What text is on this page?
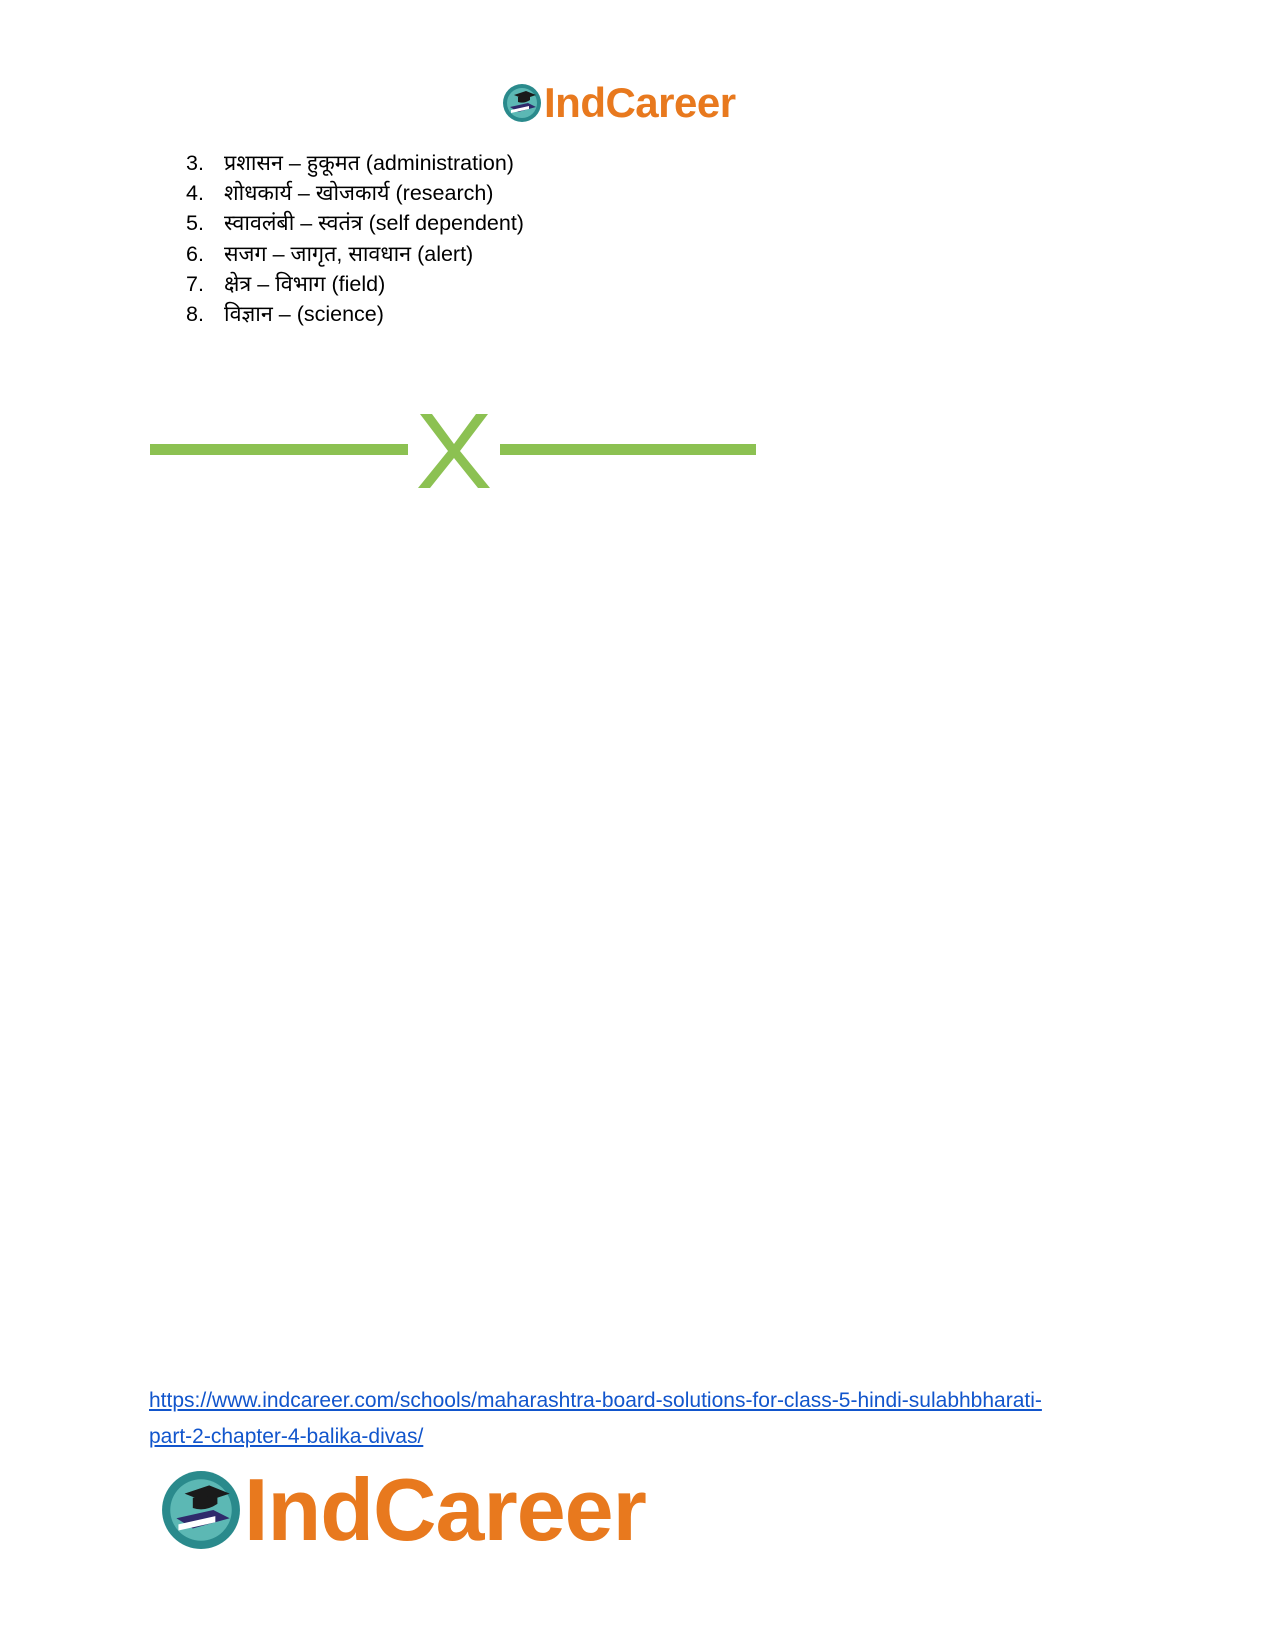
IndCareer
3. प्रशासन – हुकूमत (administration)
4. शोधकार्य – खोजकार्य (research)
5. स्वावलंबी – स्वतंत्र (self dependent)
6. सजग – जागृत, सावधान (alert)
7. क्षेत्र – विभाग (field)
8. विज्ञान – (science)
https://www.indcareer.com/schools/maharashtra-board-solutions-for-class-5-hindi-sulabhbharati-
part-2-chapter-4-balika-divas/
IndCareer
